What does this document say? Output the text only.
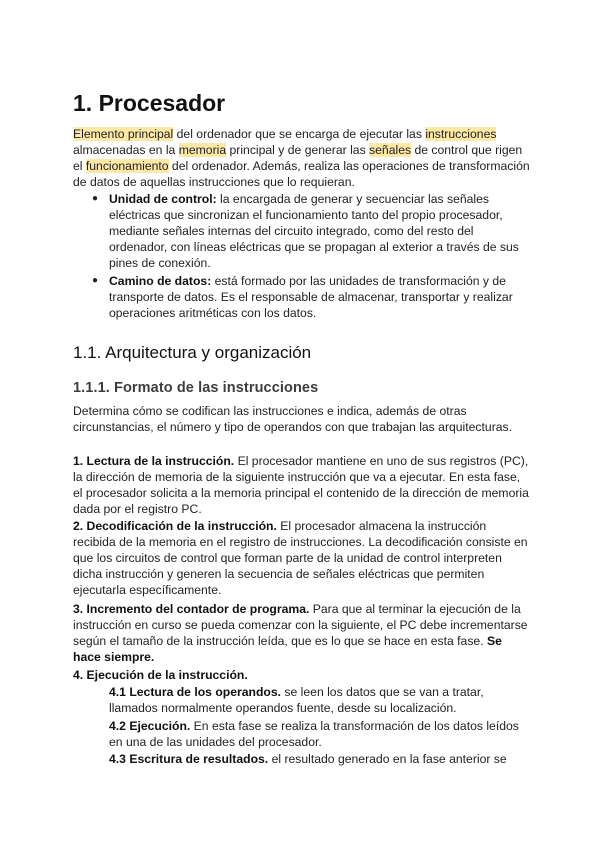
1. Procesador
Elemento principal del ordenador que se encarga de ejecutar las instrucciones
almacenadas en la memoria principal y de generar las señales de control que rigen
el funcionamiento del ordenador. Además, realiza las operaciones de transformación
de datos de aquellas instrucciones que lo requieran.
● Unidad de control: la encargada de generar y secuenciar las señales
eléctricas que sincronizan el funcionamiento tanto del propio procesador,
mediante señales internas del circuito integrado, como del resto del
ordenador, con líneas eléctricas que se propagan al exterior a través de sus
pines de conexión.
● Camino de datos: está formado por las unidades de transformación y de
transporte de datos. Es el responsable de almacenar, transportar y realizar
operaciones aritméticas con los datos.
1.1. Arquitectura y organización
1.1.1. Formato de las instrucciones
Determina cómo se codifican las instrucciones e indica, además de otras
circunstancias, el número y tipo de operandos con que trabajan las arquitecturas.
1. Lectura de la instrucción. El procesador mantiene en uno de sus registros (PC),
la dirección de memoria de la siguiente instrucción que va a ejecutar. En esta fase,
el procesador solicita a la memoria principal el contenido de la dirección de memoria
dada por el registro PC.
2. Decodificación de la instrucción. El procesador almacena la instrucción
recibida de la memoria en el registro de instrucciones. La decodificación consiste en
que los circuitos de control que forman parte de la unidad de control interpreten
dicha instrucción y generen la secuencia de señales eléctricas que permiten
ejecutarla específicamente.
3. Incremento del contador de programa. Para que al terminar la ejecución de la
instrucción en curso se pueda comenzar con la siguiente, el PC debe incrementarse
según el tamaño de la instrucción leída, que es lo que se hace en esta fase. Se
hace siempre.
4. Ejecución de la instrucción.
4.1 Lectura de los operandos. se leen los datos que se van a tratar,
llamados normalmente operandos fuente, desde su localización.
4.2 Ejecución. En esta fase se realiza la transformación de los datos leídos
en una de las unidades del procesador.
4.3 Escritura de resultados. el resultado generado en la fase anterior se
